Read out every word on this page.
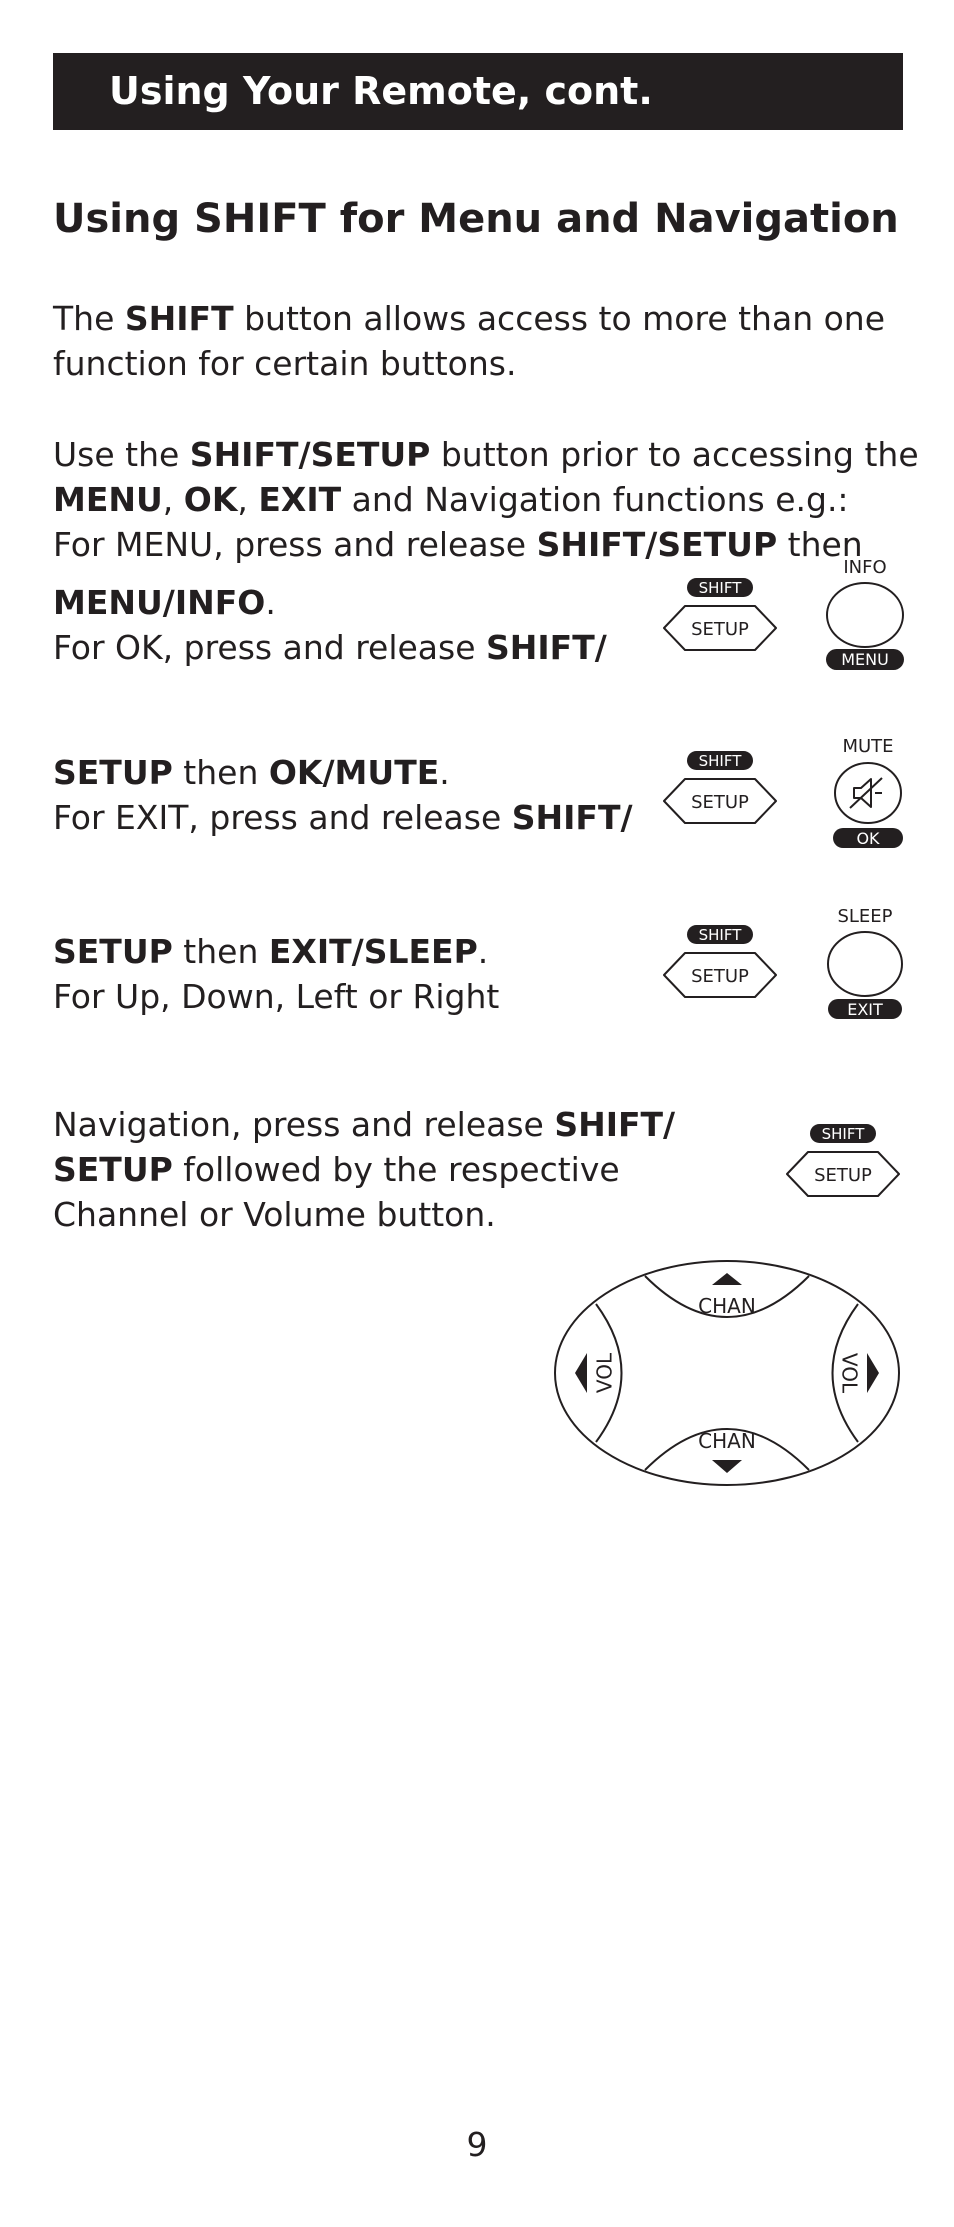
Using Your Remote, cont.
Using SHIFT for Menu and Navigation

The SHIFT button allows access to more than one

function for certain buttons.

Use the SHIFT/SETUP button prior to accessing the

MENU, OK, EXIT and Navigation functions e.g.:

For MENU, press and release SHIFT/SETUP then

MENU/INFO.

For OK, press and release SHIFT/

SETUP then OK/MUTE.

For EXIT, press and release SHIFT/

SETUP then EXIT/SLEEP.

For Up, Down, Left or Right

Navigation, press and release SHIFT/

SETUP followed by the respective

Channel or Volume button.

SHIFT
SETUP
INFO
MENU
SHIFT
SETUP
MUTE
OK
SHIFT
SETUP
SLEEP
EXIT
SHIFT
SETUP
CHAN
CHAN
VOL	VOL
9
